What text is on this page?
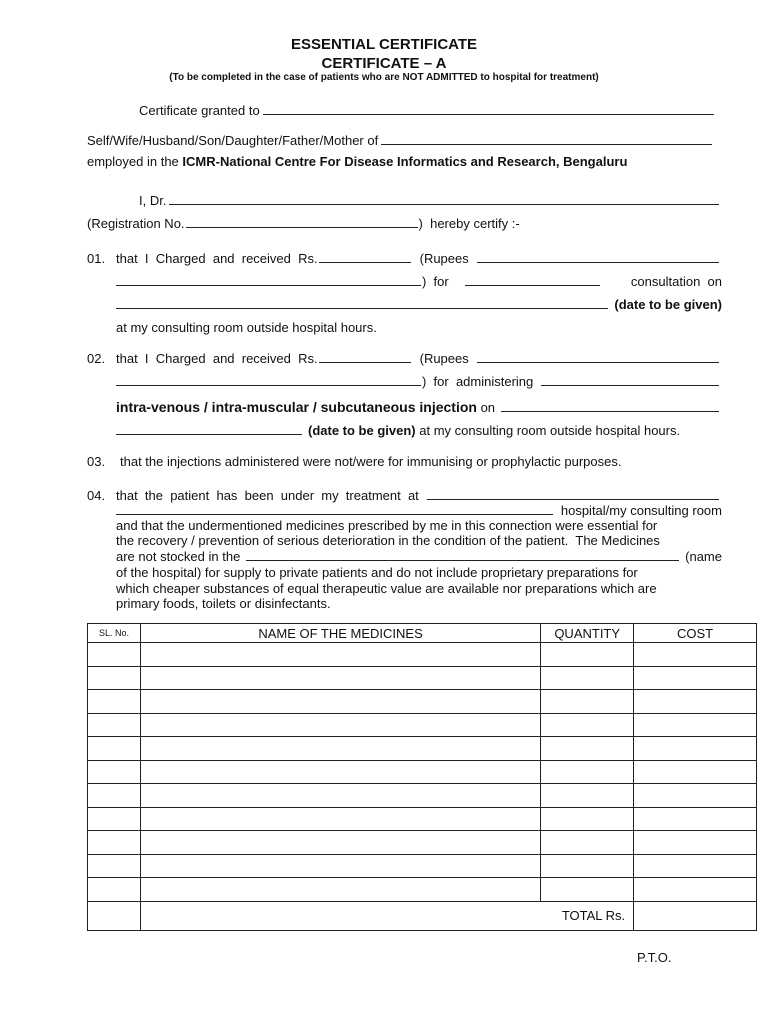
ESSENTIAL CERTIFICATE
CERTIFICATE – A
(To be completed in the case of patients who are NOT ADMITTED to hospital for treatment)
Certificate granted to
Self/Wife/Husband/Son/Daughter/Father/Mother of
employed in the ICMR-National Centre For Disease Informatics and Research, Bengaluru
I, Dr.
(Registration No.	)  hereby certify :-
01. that  I  Charged  and  received  Rs.	(Rupees
)  for	consultation  on
(date to be given)
at my consulting room outside hospital hours.
02. that  I  Charged  and  received  Rs.	(Rupees
)  for  administering
intra-venous / intra-muscular / subcutaneous injection on
(date to be given) at my consulting room outside hospital hours.
03.	that the injections administered were not/were for immunising or prophylactic purposes.
04. that  the  patient  has  been  under  my  treatment  at
hospital/my consulting room
and that the undermentioned medicines prescribed by me in this connection were essential for
the recovery / prevention of serious deterioration in the condition of the patient.  The Medicines
are not stocked in the	(name
of the hospital) for supply to private patients and do not include proprietary preparations for
which cheaper substances of equal therapeutic value are available nor preparations which are
primary foods, toilets or disinfectants.
SL. No.	NAME OF THE MEDICINES	QUANTITY	COST

	TOTAL Rs.		
P.T.O.
